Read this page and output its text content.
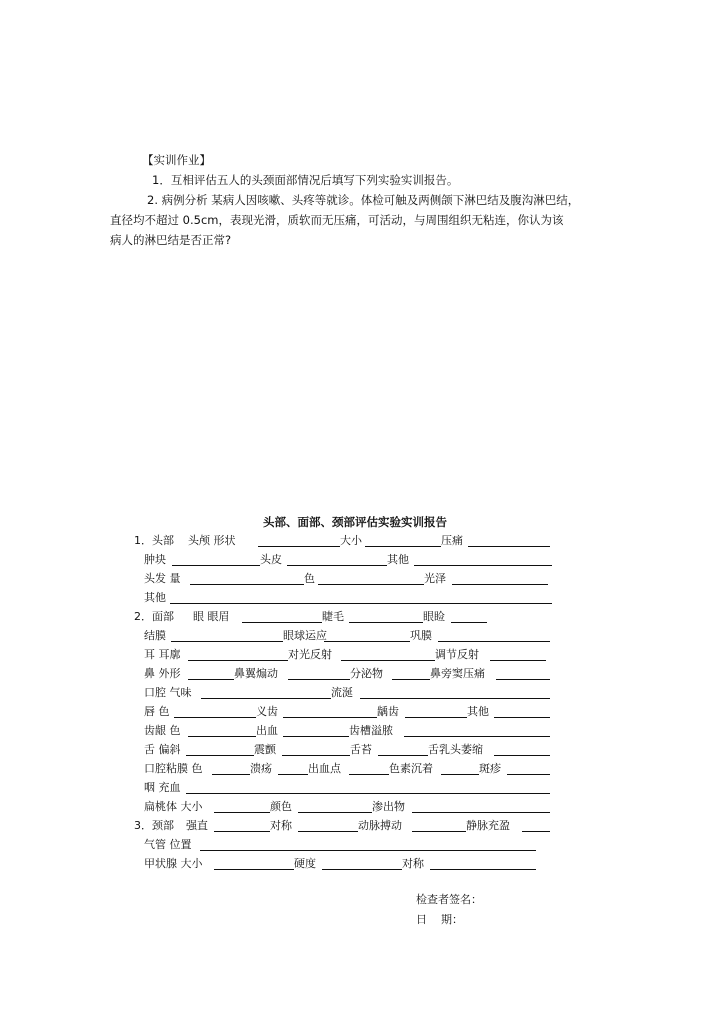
【实训作业】
1．互相评估五人的头颈面部情况后填写下列实验实训报告。
2. 病例分析 某病人因咳嗽、头疼等就诊。体检可触及两侧颌下淋巴结及腹沟淋巴结，
直径均不超过 0.5cm，表现光滑，质软而无压痛，可活动，与周围组织无粘连，你认为该
病人的淋巴结是否正常?
头部、面部、颈部评估实验实训报告
1．头部 头颅 形状	大小	压痛
肿块	头皮	其他
头发 量	色	光泽
其他
2．面部 眼 眼眉	睫毛	眼睑
结膜	眼球运应	巩膜
耳 耳廓	对光反射	调节反射
鼻 外形	鼻翼煽动	分泌物	鼻旁窦压痛
口腔 气味	流涎
唇 色	义齿	龋齿	其他
齿龈 色	出血	齿槽溢脓
舌 偏斜	震颤	舌苔	舌乳头萎缩
口腔粘膜 色	溃疡	出血点	色素沉着	斑疹
咽 充血
扁桃体 大小	颜色	渗出物
3．颈部 强直	对称	动脉搏动	静脉充盈
气管 位置
甲状腺 大小	硬度	对称
检查者签名：
日    期：
